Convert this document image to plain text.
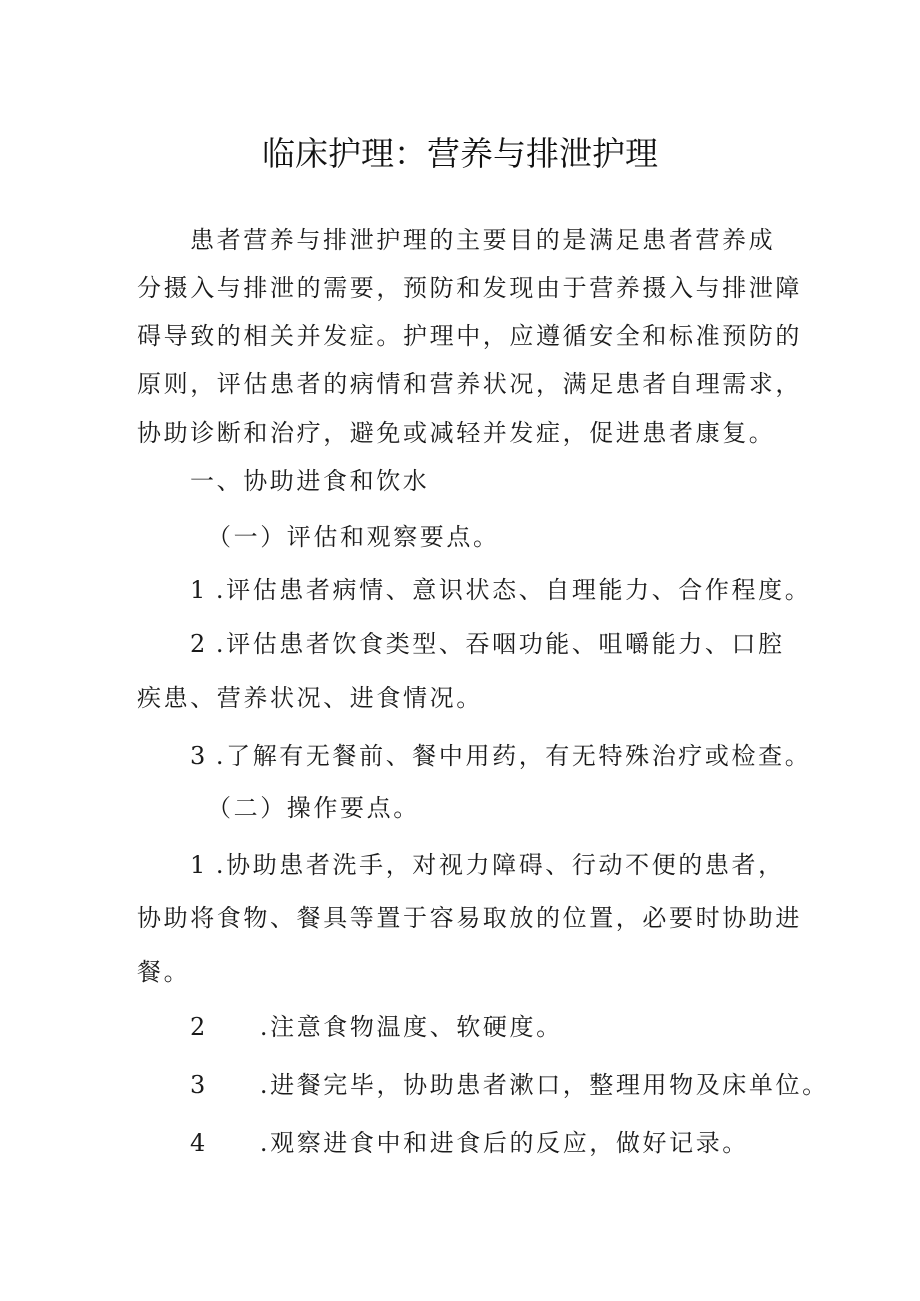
临床护理：营养与排泄护理
患者营养与排泄护理的主要目的是满足患者营养成
分摄入与排泄的需要，预防和发现由于营养摄入与排泄障
碍导致的相关并发症。护理中，应遵循安全和标准预防的
原则，评估患者的病情和营养状况，满足患者自理需求，
协助诊断和治疗，避免或减轻并发症，促进患者康复。
一、协助进食和饮水
（一）评估和观察要点。
1 .评估患者病情、意识状态、自理能力、合作程度。
2 .评估患者饮食类型、吞咽功能、咀嚼能力、口腔
疾患、营养状况、进食情况。
3 .了解有无餐前、餐中用药，有无特殊治疗或检查。
（二）操作要点。
1 .协助患者洗手，对视力障碍、行动不便的患者，
协助将食物、餐具等置于容易取放的位置，必要时协助进
餐。
2 .注意食物温度、软硬度。
3 .进餐完毕，协助患者漱口，整理用物及床单位。
4 .观察进食中和进食后的反应，做好记录。
